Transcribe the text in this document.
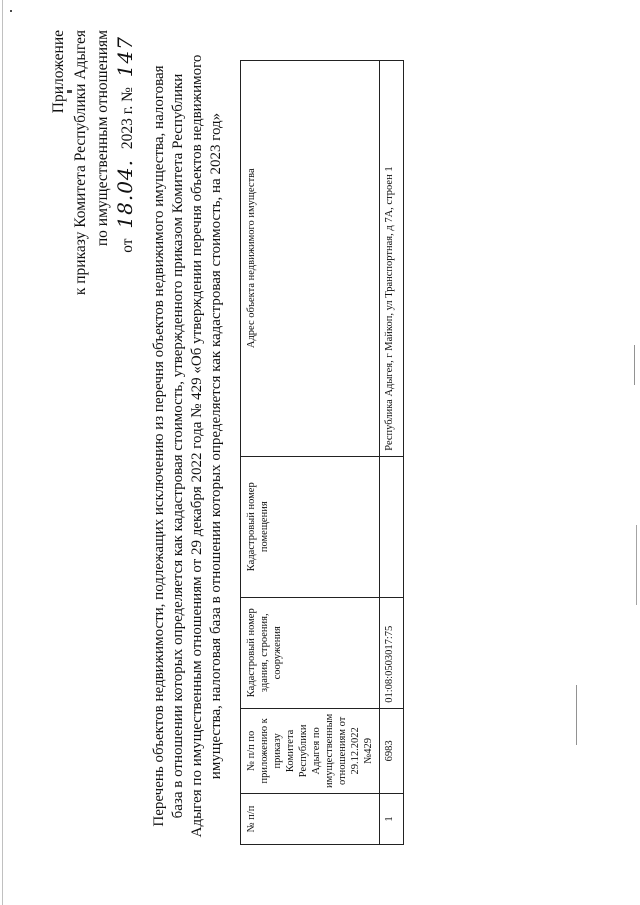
Приложение к приказу Комитета Республики Адыгея по имущественным отношениям от 18.04. 2023 г. № 147
Перечень объектов недвижимости, подлежащих исключению из перечня объектов недвижимого имущества, налоговая база в отношении которых определяется как кадастровая стоимость, утвержденного приказом Комитета Республики Адыгея по имущественным отношениям от 29 декабря 2022 года № 429 «Об утверждении перечня объектов недвижимого имущества, налоговая база в отношении которых определяется как кадастровая стоимость, на 2023 год»
№ п/п	№ п/п по приложению к приказу Комитета Республики Адыгея по имущественным отношениям от 29.12.2022 №429	Кадастровый номер здания, строения, сооружения	Кадастровый номер помещения	Адрес объекта недвижимого имущества
1	6983	01:08:0503017:75		Республика Адыгея, г Майкоп, ул Транспортная, д 7А, строен 1
